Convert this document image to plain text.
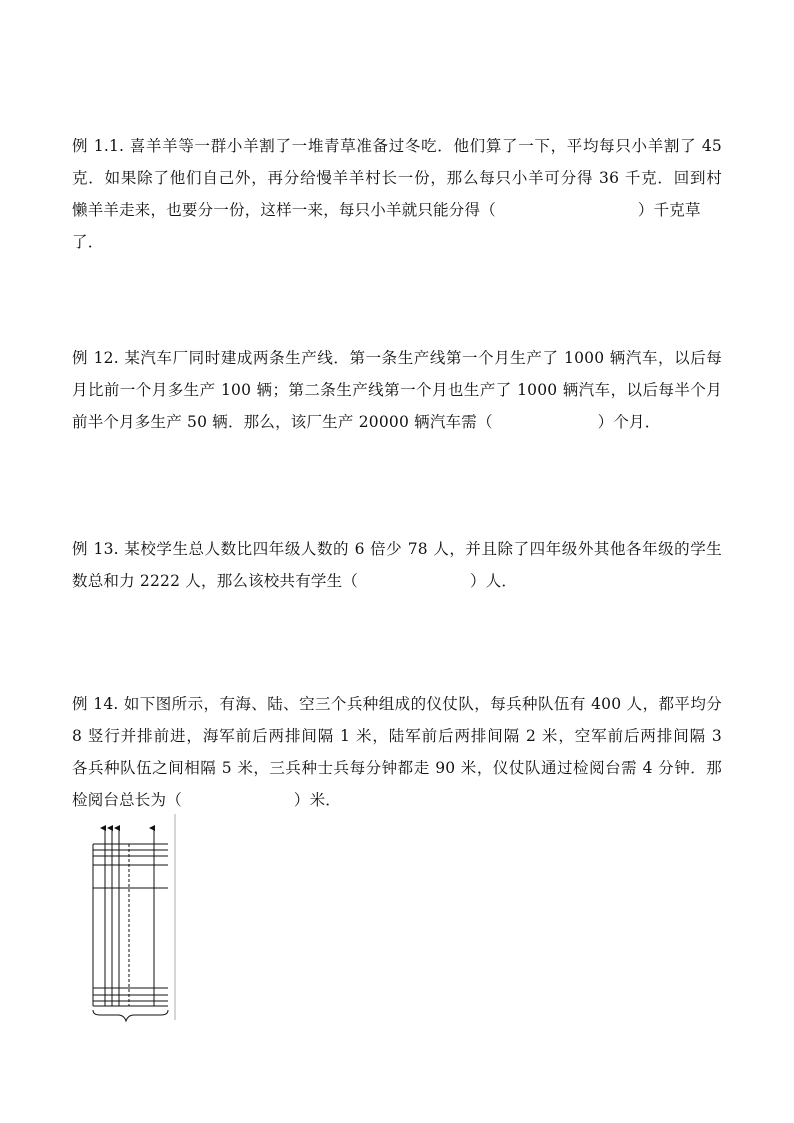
例 1.1. 喜羊羊等一群小羊割了一堆青草准备过冬吃．他们算了一下，平均每只小羊割了 45
克．如果除了他们自己外，再分给慢羊羊村长一份，那么每只小羊可分得 36 千克．回到村
懒羊羊走来，也要分一份，这样一来，每只小羊就只能分得（	）千克草
了．
例 12. 某汽车厂同时建成两条生产线．第一条生产线第一个月生产了 1000 辆汽车，以后每
月比前一个月多生产 100 辆；第二条生产线第一个月也生产了 1000 辆汽车，以后每半个月
前半个月多生产 50 辆．那么，该厂生产 20000 辆汽车需（	）个月．
例 13. 某校学生总人数比四年级人数的 6 倍少 78 人，并且除了四年级外其他各年级的学生
数总和力 2222 人，那么该校共有学生（	）人．
例 14. 如下图所示，有海、陆、空三个兵种组成的仪仗队，每兵种队伍有 400 人，都平均分
8 竖行并排前进，海军前后两排间隔 1 米，陆军前后两排间隔 2 米，空军前后两排间隔 3
各兵种队伍之间相隔 5 米，三兵种士兵每分钟都走 90 米，仪仗队通过检阅台需 4 分钟．那
检阅台总长为（	）米．
